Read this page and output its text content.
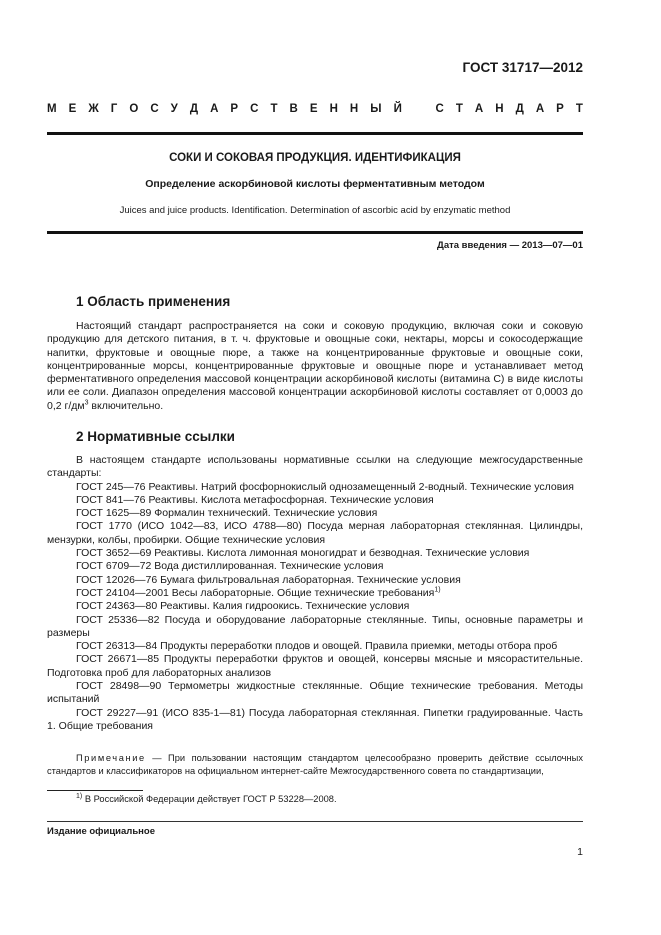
ГОСТ 31717—2012
М Е Ж Г О С У Д А Р С Т В Е Н Н Ы Й
	С Т А Н Д А Р Т
СОКИ И СОКОВАЯ ПРОДУКЦИЯ. ИДЕНТИФИКАЦИЯ
Определение аскорбиновой кислоты ферментативным методом
Juices and juice products. Identification. Determination of ascorbic acid by enzymatic method
Дата введения — 2013—07—01
1 Область применения

Настоящий стандарт распространяется на соки и соковую продукцию, включая соки и соковую продукцию для детского питания, в т. ч. фруктовые и овощные соки, нектары, морсы и сокосодержащие напитки, фруктовые и овощные пюре, а также на концентрированные фруктовые и овощные соки, концентрированные морсы, концентрированные фруктовые и овощные пюре и устанавливает метод ферментативного определения массовой концентрации аскорбиновой кислоты (витамина С) в виде кислоты или ее соли. Диапазон определения массовой концентрации аскорбиновой кислоты составляет от 0,0003 до 0,2 $г/дм^3$ включительно.

2 Нормативные ссылки

В настоящем стандарте использованы нормативные ссылки на следующие межгосударственные стандарты:

ГОСТ 245—76 Реактивы. Натрий фосфорнокислый однозамещенный 2-водный. Технические условия

ГОСТ 841—76 Реактивы. Кислота метафосфорная. Технические условия

ГОСТ 1625—89 Формалин технический. Технические условия

ГОСТ 1770 (ИСО 1042—83, ИСО 4788—80) Посуда мерная лабораторная стеклянная. Цилиндры, мензурки, колбы, пробирки. Общие технические условия

ГОСТ 3652—69 Реактивы. Кислота лимонная моногидрат и безводная. Технические условия

ГОСТ 6709—72 Вода дистиллированная. Технические условия

ГОСТ 12026—76 Бумага фильтровальная лабораторная. Технические условия

ГОСТ 24104—2001 Весы лабораторные. Общие технические требования$^{1)}$

ГОСТ 24363—80 Реактивы. Калия гидроокись. Технические условия

ГОСТ 25336—82 Посуда и оборудование лабораторные стеклянные. Типы, основные параметры и размеры

ГОСТ 26313—84 Продукты переработки плодов и овощей. Правила приемки, методы отбора проб

ГОСТ 26671—85 Продукты переработки фруктов и овощей, консервы мясные и мясорастительные. Подготовка проб для лабораторных анализов

ГОСТ 28498—90 Термометры жидкостные стеклянные. Общие технические требования. Методы испытаний

ГОСТ 29227—91 (ИСО 835-1—81) Посуда лабораторная стеклянная. Пипетки градуированные. Часть 1. Общие требования

Примечание — При пользовании настоящим стандартом целесообразно проверить действие ссылочных стандартов и классификаторов на официальном интернет-сайте Межгосударственного совета по стандартизации,

$^{1)}$ В Российской Федерации действует ГОСТ Р 53228—2008.
Издание официальное
1
